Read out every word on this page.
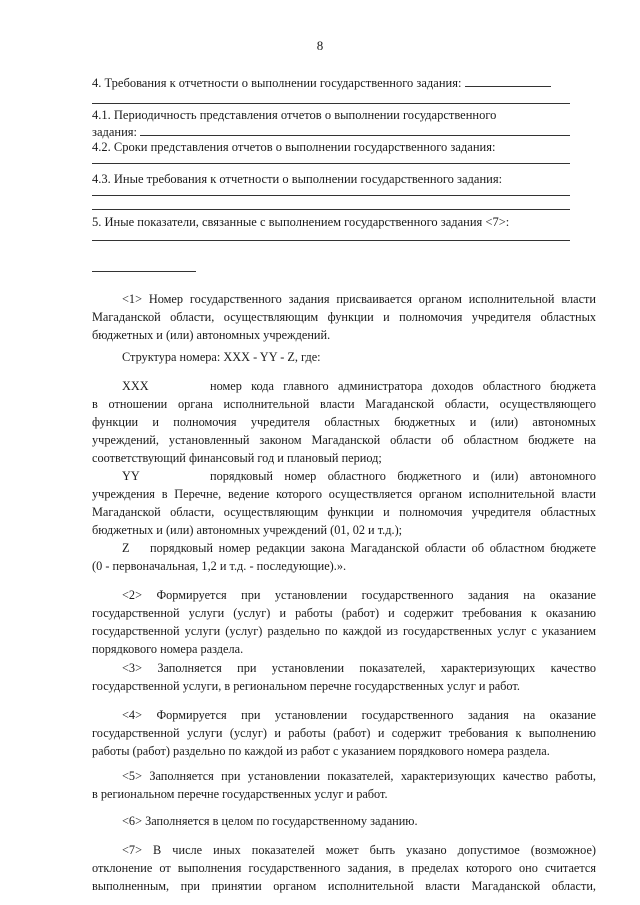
8
4. Требования к отчетности о выполнении государственного задания:
4.1. Периодичность представления отчетов о выполнении государственного
задания:
4.2. Сроки представления отчетов о выполнении государственного задания:
4.3. Иные требования к отчетности о выполнении государственного задания:
5. Иные показатели, связанные с выполнением государственного задания <7>:
<1> Номер государственного задания присваивается органом исполнительной власти
Магаданской области, осуществляющим функции и полномочия учредителя областных
бюджетных и (или) автономных учреждений.
Структура номера: XXX - YY - Z, где:
XXX	номер кода главного администратора доходов областного бюджета
в отношении органа исполнительной власти Магаданской области, осуществляющего
функции и полномочия учредителя областных бюджетных и (или) автономных
учреждений, установленный законом Магаданской области об областном бюджете на
соответствующий финансовый год и плановый период;
YY	порядковый номер областного бюджетного и (или) автономного
учреждения в Перечне, ведение которого осуществляется органом исполнительной власти
Магаданской области, осуществляющим функции и полномочия учредителя областных
бюджетных и (или) автономных учреждений (01, 02 и т.д.);
Z порядковый номер редакции закона Магаданской области об областном бюджете
(0 - первоначальная, 1,2 и т.д. - последующие).».
<2> Формируется при установлении государственного задания на оказание
государственной услуги (услуг) и работы (работ) и содержит требования к оказанию
государственной услуги (услуг) раздельно по каждой из государственных услуг с указанием
порядкового номера раздела.
<3> Заполняется при установлении показателей, характеризующих качество
государственной услуги, в региональном перечне государственных услуг и работ.
<4> Формируется при установлении государственного задания на оказание
государственной услуги (услуг) и работы (работ) и содержит требования к выполнению
работы (работ) раздельно по каждой из работ с указанием порядкового номера раздела.
<5> Заполняется при установлении показателей, характеризующих качество работы,
в региональном перечне государственных услуг и работ.
<6> Заполняется в целом по государственному заданию.
<7> В числе иных показателей может быть указано допустимое (возможное)
отклонение от выполнения государственного задания, в пределах которого оно считается
выполненным, при принятии органом исполнительной власти Магаданской области,
